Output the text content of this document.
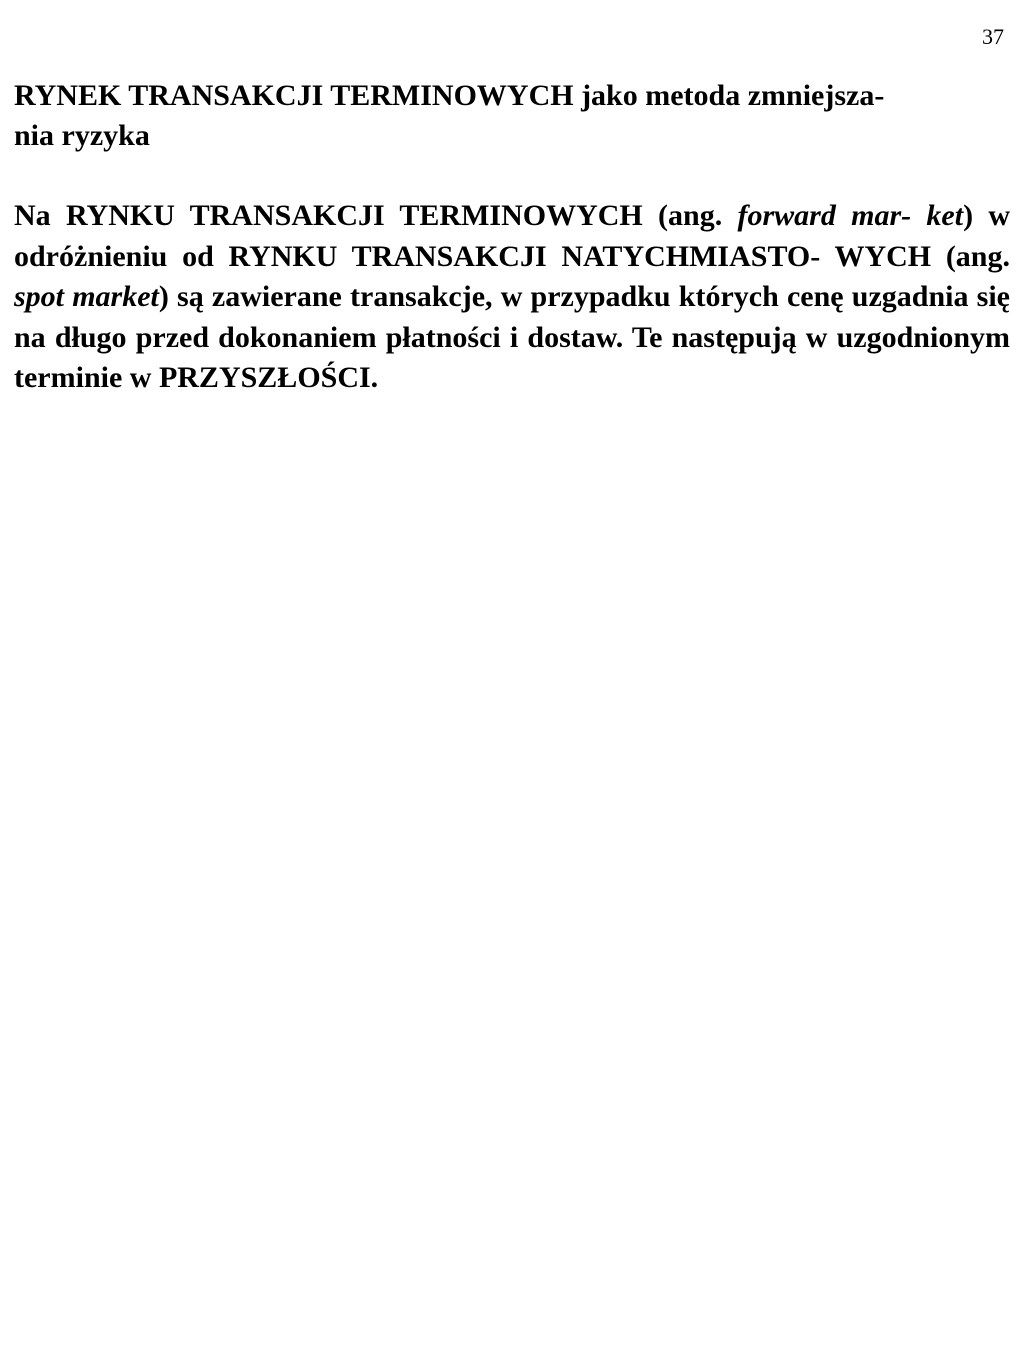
37

RYNEK TRANSAKCJI TERMINOWYCH jako metoda zmniejsza-
nia ryzyka

Na RYNKU TRANSAKCJI TERMINOWYCH (ang. forward mar- ket) w odróżnieniu od RYNKU TRANSAKCJI NATYCHMIASTO- WYCH (ang. spot market) są zawierane transakcje, w przypadku których cenę uzgadnia się na długo przed dokonaniem płatności i dostaw. Te następują w uzgodnionym terminie w PRZYSZŁOŚCI.
